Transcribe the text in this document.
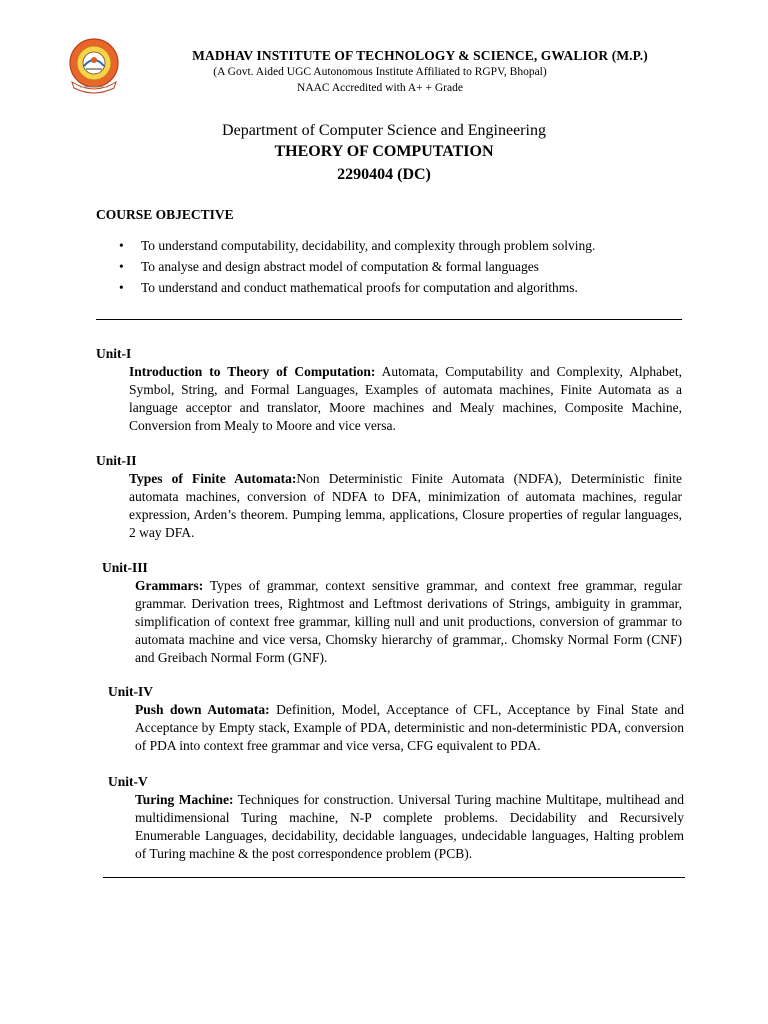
MADHAV INSTITUTE OF TECHNOLOGY & SCIENCE, GWALIOR (M.P.)
(A Govt. Aided UGC Autonomous Institute Affiliated to RGPV, Bhopal)
NAAC Accredited with A+ + Grade
Department of Computer Science and Engineering
THEORY OF COMPUTATION
2290404 (DC)
COURSE OBJECTIVE
• To understand computability, decidability, and complexity through problem solving.
• To analyse and design abstract model of computation & formal languages
• To understand and conduct mathematical proofs for computation and algorithms.
Unit-I
Introduction to Theory of Computation: Automata, Computability and Complexity, Alphabet, Symbol, String, and Formal Languages, Examples of automata machines, Finite Automata as a language acceptor and translator, Moore machines and Mealy machines, Composite Machine, Conversion from Mealy to Moore and vice versa.
Unit-II
Types of Finite Automata:Non Deterministic Finite Automata (NDFA), Deterministic finite automata machines, conversion of NDFA to DFA, minimization of automata machines, regular expression, Arden’s theorem. Pumping lemma, applications, Closure properties of regular languages, 2 way DFA.
Unit-III
Grammars: Types of grammar, context sensitive grammar, and context free grammar, regular grammar. Derivation trees, Rightmost and Leftmost derivations of Strings, ambiguity in grammar, simplification of context free grammar, killing null and unit productions, conversion of grammar to automata machine and vice versa, Chomsky hierarchy of grammar,. Chomsky Normal Form (CNF) and Greibach Normal Form (GNF).
Unit-IV
Push down Automata: Definition, Model, Acceptance of CFL, Acceptance by Final State and Acceptance by Empty stack, Example of PDA, deterministic and non-deterministic PDA, conversion of PDA into context free grammar and vice versa, CFG equivalent to PDA.
Unit-V
Turing Machine: Techniques for construction. Universal Turing machine Multitape, multihead and multidimensional Turing machine, N-P complete problems. Decidability and Recursively Enumerable Languages, decidability, decidable languages, undecidable languages, Halting problem of Turing machine & the post correspondence problem (PCB).
